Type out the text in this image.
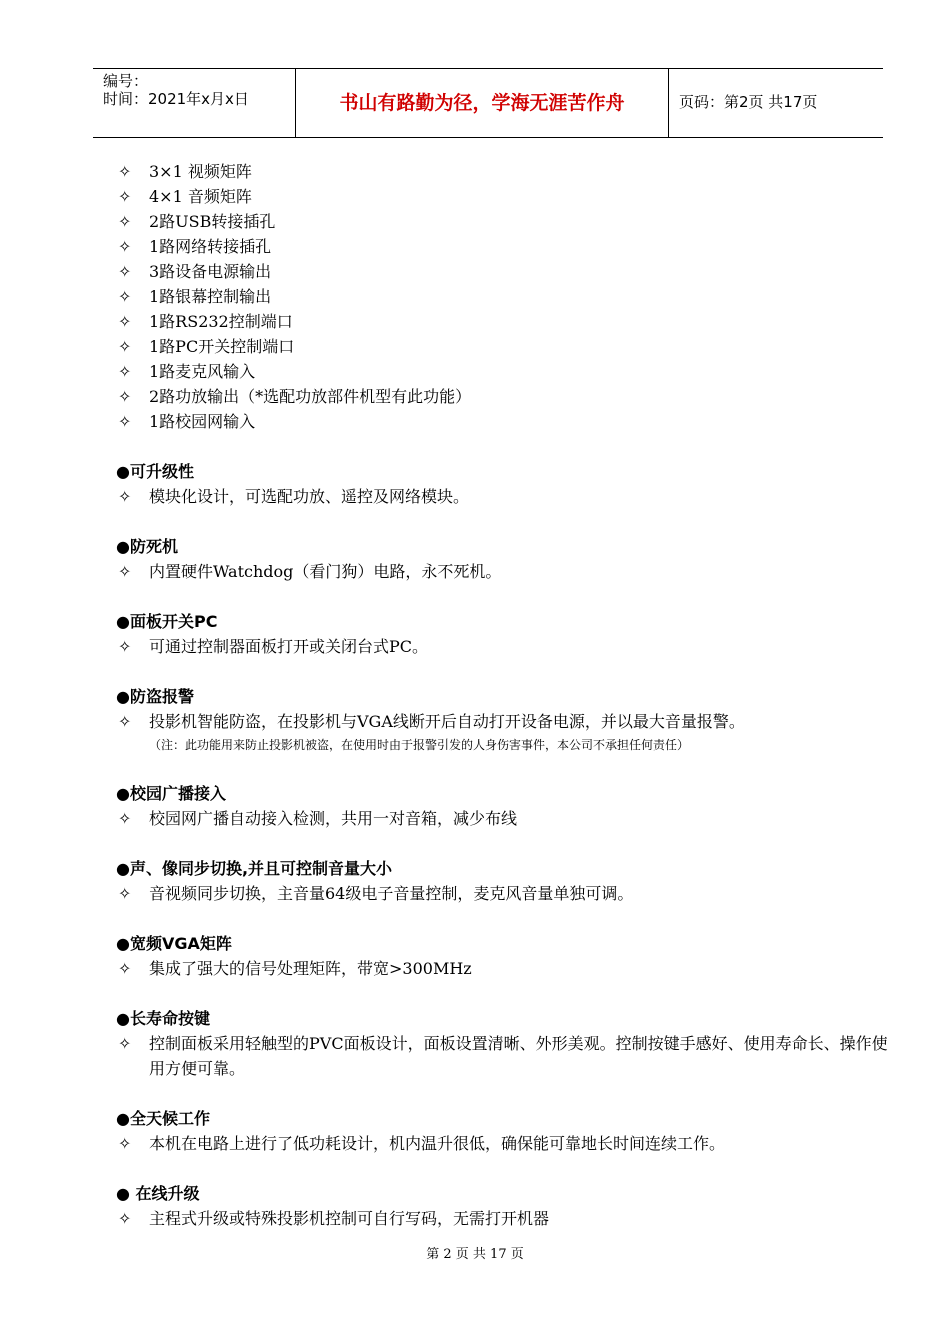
编号：
时间：2021年x月x日	书山有路勤为径，学海无涯苦作舟	页码：第2页 共17页
✧ 3×1 视频矩阵
✧ 4×1 音频矩阵
✧ 2路USB转接插孔
✧ 1路网络转接插孔
✧ 3路设备电源输出
✧ 1路银幕控制输出
✧ 1路RS232控制端口
✧ 1路PC开关控制端口
✧ 1路麦克风输入
✧ 2路功放输出（*选配功放部件机型有此功能）
✧ 1路校园网输入
●可升级性
✧	模块化设计，可选配功放、遥控及网络模块。
●防死机
✧	内置硬件Watchdog（看门狗）电路，永不死机。
●面板开关PC
✧	可通过控制器面板打开或关闭台式PC。
●防盗报警
✧	投影机智能防盗，在投影机与VGA线断开后自动打开设备电源，并以最大音量报警。
（注：此功能用来防止投影机被盗，在使用时由于报警引发的人身伤害事件，本公司不承担任何责任）
●校园广播接入
✧	校园网广播自动接入检测，共用一对音箱，减少布线
●声、像同步切换,并且可控制音量大小
✧	音视频同步切换，主音量64级电子音量控制，麦克风音量单独可调。
●宽频VGA矩阵
✧	集成了强大的信号处理矩阵，带宽>300MHz
●长寿命按键
✧	控制面板采用轻触型的PVC面板设计，面板设置清晰、外形美观。控制按键手感好、使用寿命长、操作使用方便可靠。
●全天候工作
✧	本机在电路上进行了低功耗设计，机内温升很低，确保能可靠地长时间连续工作。
● 在线升级
✧	主程式升级或特殊投影机控制可自行写码，无需打开机器
第 2 页 共 17 页
